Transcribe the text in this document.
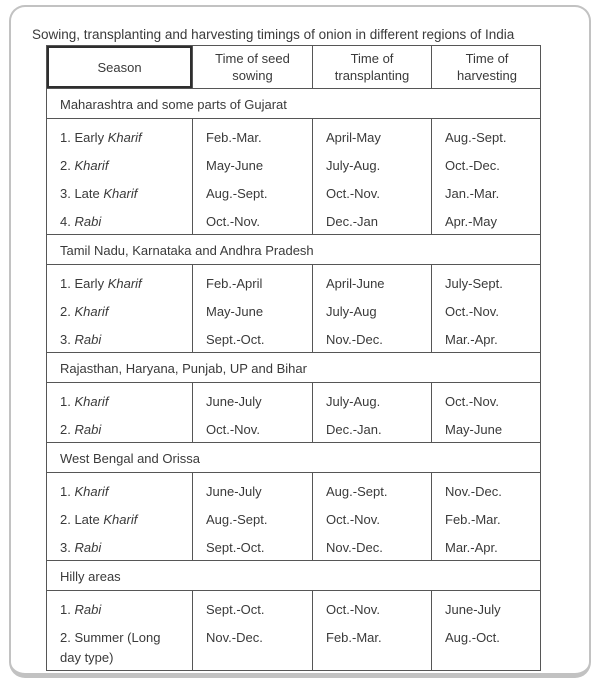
Sowing, transplanting and harvesting timings of onion in different regions of India
Season
Time of seed sowing
Time of transplanting
Time of harvesting
Maharashtra and some parts of Gujarat
1. Early Kharif
2. Kharif
3. Late Kharif
4. Rabi
Feb.-Mar.
May-June
Aug.-Sept.
Oct.-Nov.
April-May
July-Aug.
Oct.-Nov.
Dec.-Jan
Aug.-Sept.
Oct.-Dec.
Jan.-Mar.
Apr.-May
Tamil Nadu, Karnataka and Andhra Pradesh
1. Early Kharif
2. Kharif
3. Rabi
Feb.-April
May-June
Sept.-Oct.
April-June
July-Aug
Nov.-Dec.
July-Sept.
Oct.-Nov.
Mar.-Apr.
Rajasthan, Haryana, Punjab, UP and Bihar
1. Kharif
2. Rabi
June-July
Oct.-Nov.
July-Aug.
Dec.-Jan.
Oct.-Nov.
May-June
West Bengal and Orissa
1. Kharif
2. Late Kharif
3. Rabi
June-July
Aug.-Sept.
Sept.-Oct.
Aug.-Sept.
Oct.-Nov.
Nov.-Dec.
Nov.-Dec.
Feb.-Mar.
Mar.-Apr.
Hilly areas
1. Rabi
2. Summer (Long day type)
Sept.-Oct.
Nov.-Dec.
Oct.-Nov.
Feb.-Mar.
June-July
Aug.-Oct.
